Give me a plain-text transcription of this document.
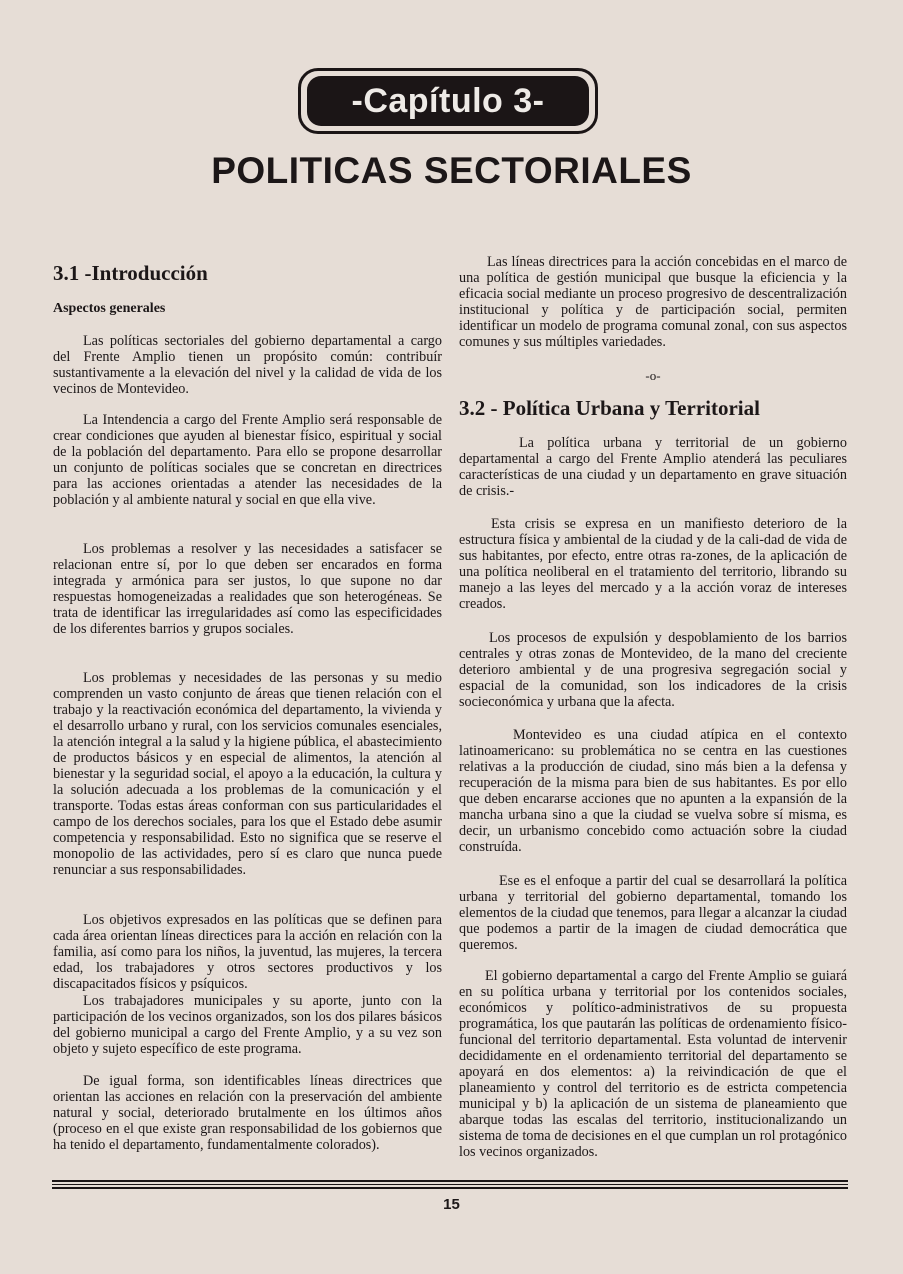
-Capítulo 3-
POLITICAS SECTORIALES
3.1 -Introducción
Aspectos generales
Las políticas sectoriales del gobierno departamental a cargo del Frente Amplio tienen un propósito común: contribuír sustantivamente a la elevación del nivel y la calidad de vida de los vecinos de Montevideo.
La Intendencia a cargo del Frente Amplio será responsable de crear condiciones que ayuden al bienestar físico, espiritual y social de la población del departamento. Para ello se propone desarrollar un conjunto de políticas sociales que se concretan en directrices para las acciones orientadas a atender las necesidades de la población y al ambiente natural y social en que ella vive.
Los problemas a resolver y las necesidades a satisfacer se relacionan entre sí, por lo que deben ser encarados en forma integrada y armónica para ser justos, lo que supone no dar respuestas homogeneizadas a realidades que son heterogéneas. Se trata de identificar las irregularidades así como las especificidades de los diferentes barrios y grupos sociales.
Los problemas y necesidades de las personas y su medio comprenden un vasto conjunto de áreas que tienen relación con el trabajo y la reactivación económica del departamento, la vivienda y el desarrollo urbano y rural, con los servicios comunales esenciales, la atención integral a la salud y la higiene pública, el abastecimiento de productos básicos y en especial de alimentos, la atención al bienestar y la seguridad social, el apoyo a la educación, la cultura y la solución adecuada a los problemas de la comunicación y el transporte. Todas estas áreas conforman con sus particularidades el campo de los derechos sociales, para los que el Estado debe asumir competencia y responsabilidad. Esto no significa que se reserve el monopolio de las actividades, pero sí es claro que nunca puede renunciar a sus responsabilidades.
Los objetivos expresados en las políticas que se definen para cada área orientan líneas directices para la acción en relación con la familia, así como para los niños, la juventud, las mujeres, la tercera edad, los trabajadores y otros sectores productivos y los discapacitados físicos y psíquicos.
Los trabajadores municipales y su aporte, junto con la participación de los vecinos organizados, son los dos pilares básicos del gobierno municipal a cargo del Frente Amplio, y a su vez son objeto y sujeto específico de este programa.
De igual forma, son identificables líneas directrices que orientan las acciones en relación con la preservación del ambiente natural y social, deteriorado brutalmente en los últimos años (proceso en el que existe gran responsabilidad de los gobiernos que ha tenido el departamento, fundamentalmente colorados).
Las líneas directrices para la acción concebidas en el marco de una política de gestión municipal que busque la eficiencia y la eficacia social mediante un proceso progresivo de descentralización institucional y política y de participación social, permiten identificar un modelo de programa comunal zonal, con sus aspectos comunes y sus múltiples variedades.
-o-
3.2 - Política Urbana y Territorial
La política urbana y territorial de un gobierno departamental a cargo del Frente Amplio atenderá las peculiares características de una ciudad y un departamento en grave situación de crisis.-
Esta crisis se expresa en un manifiesto deterioro de la estructura física y ambiental de la ciudad y de la cali-dad de vida de sus habitantes, por efecto, entre otras ra-zones, de la aplicación de una política neoliberal en el tratamiento del territorio, librando su manejo a las leyes del mercado y a la acción voraz de intereses creados.
Los procesos de expulsión y despoblamiento de los barrios centrales y otras zonas de Montevideo, de la mano del creciente deterioro ambiental y de una progresiva segregación social y espacial de la comunidad, son los indicadores de la crisis socieconómica y urbana que la afecta.
Montevideo es una ciudad atípica en el contexto latinoamericano: su problemática no se centra en las cuestiones relativas a la producción de ciudad, sino más bien a la defensa y recuperación de la misma para bien de sus habitantes. Es por ello que deben encararse acciones que no apunten a la expansión de la mancha urbana sino a que la ciudad se vuelva sobre sí misma, es decir, un urbanismo concebido como actuación sobre la ciudad construída.
Ese es el enfoque a partir del cual se desarrollará la política urbana y territorial del gobierno departamental, tomando los elementos de la ciudad que tenemos, para llegar a alcanzar la ciudad que podemos a partir de la imagen de ciudad democrática que queremos.
El gobierno departamental a cargo del Frente Amplio se guiará en su política urbana y territorial por los contenidos sociales, económicos y político-administrativos de su propuesta programática, los que pautarán las políticas de ordenamiento físico-funcional del territorio departamental. Esta voluntad de intervenir decididamente en el ordenamiento territorial del departamento se apoyará en dos elementos: a) la reivindicación de que el planeamiento y control del territorio es de estricta competencia municipal y b) la aplicación de un sistema de planeamiento que abarque todas las escalas del territorio, institucionalizando un sistema de toma de decisiones en el que cumplan un rol protagónico los vecinos organizados.
15
